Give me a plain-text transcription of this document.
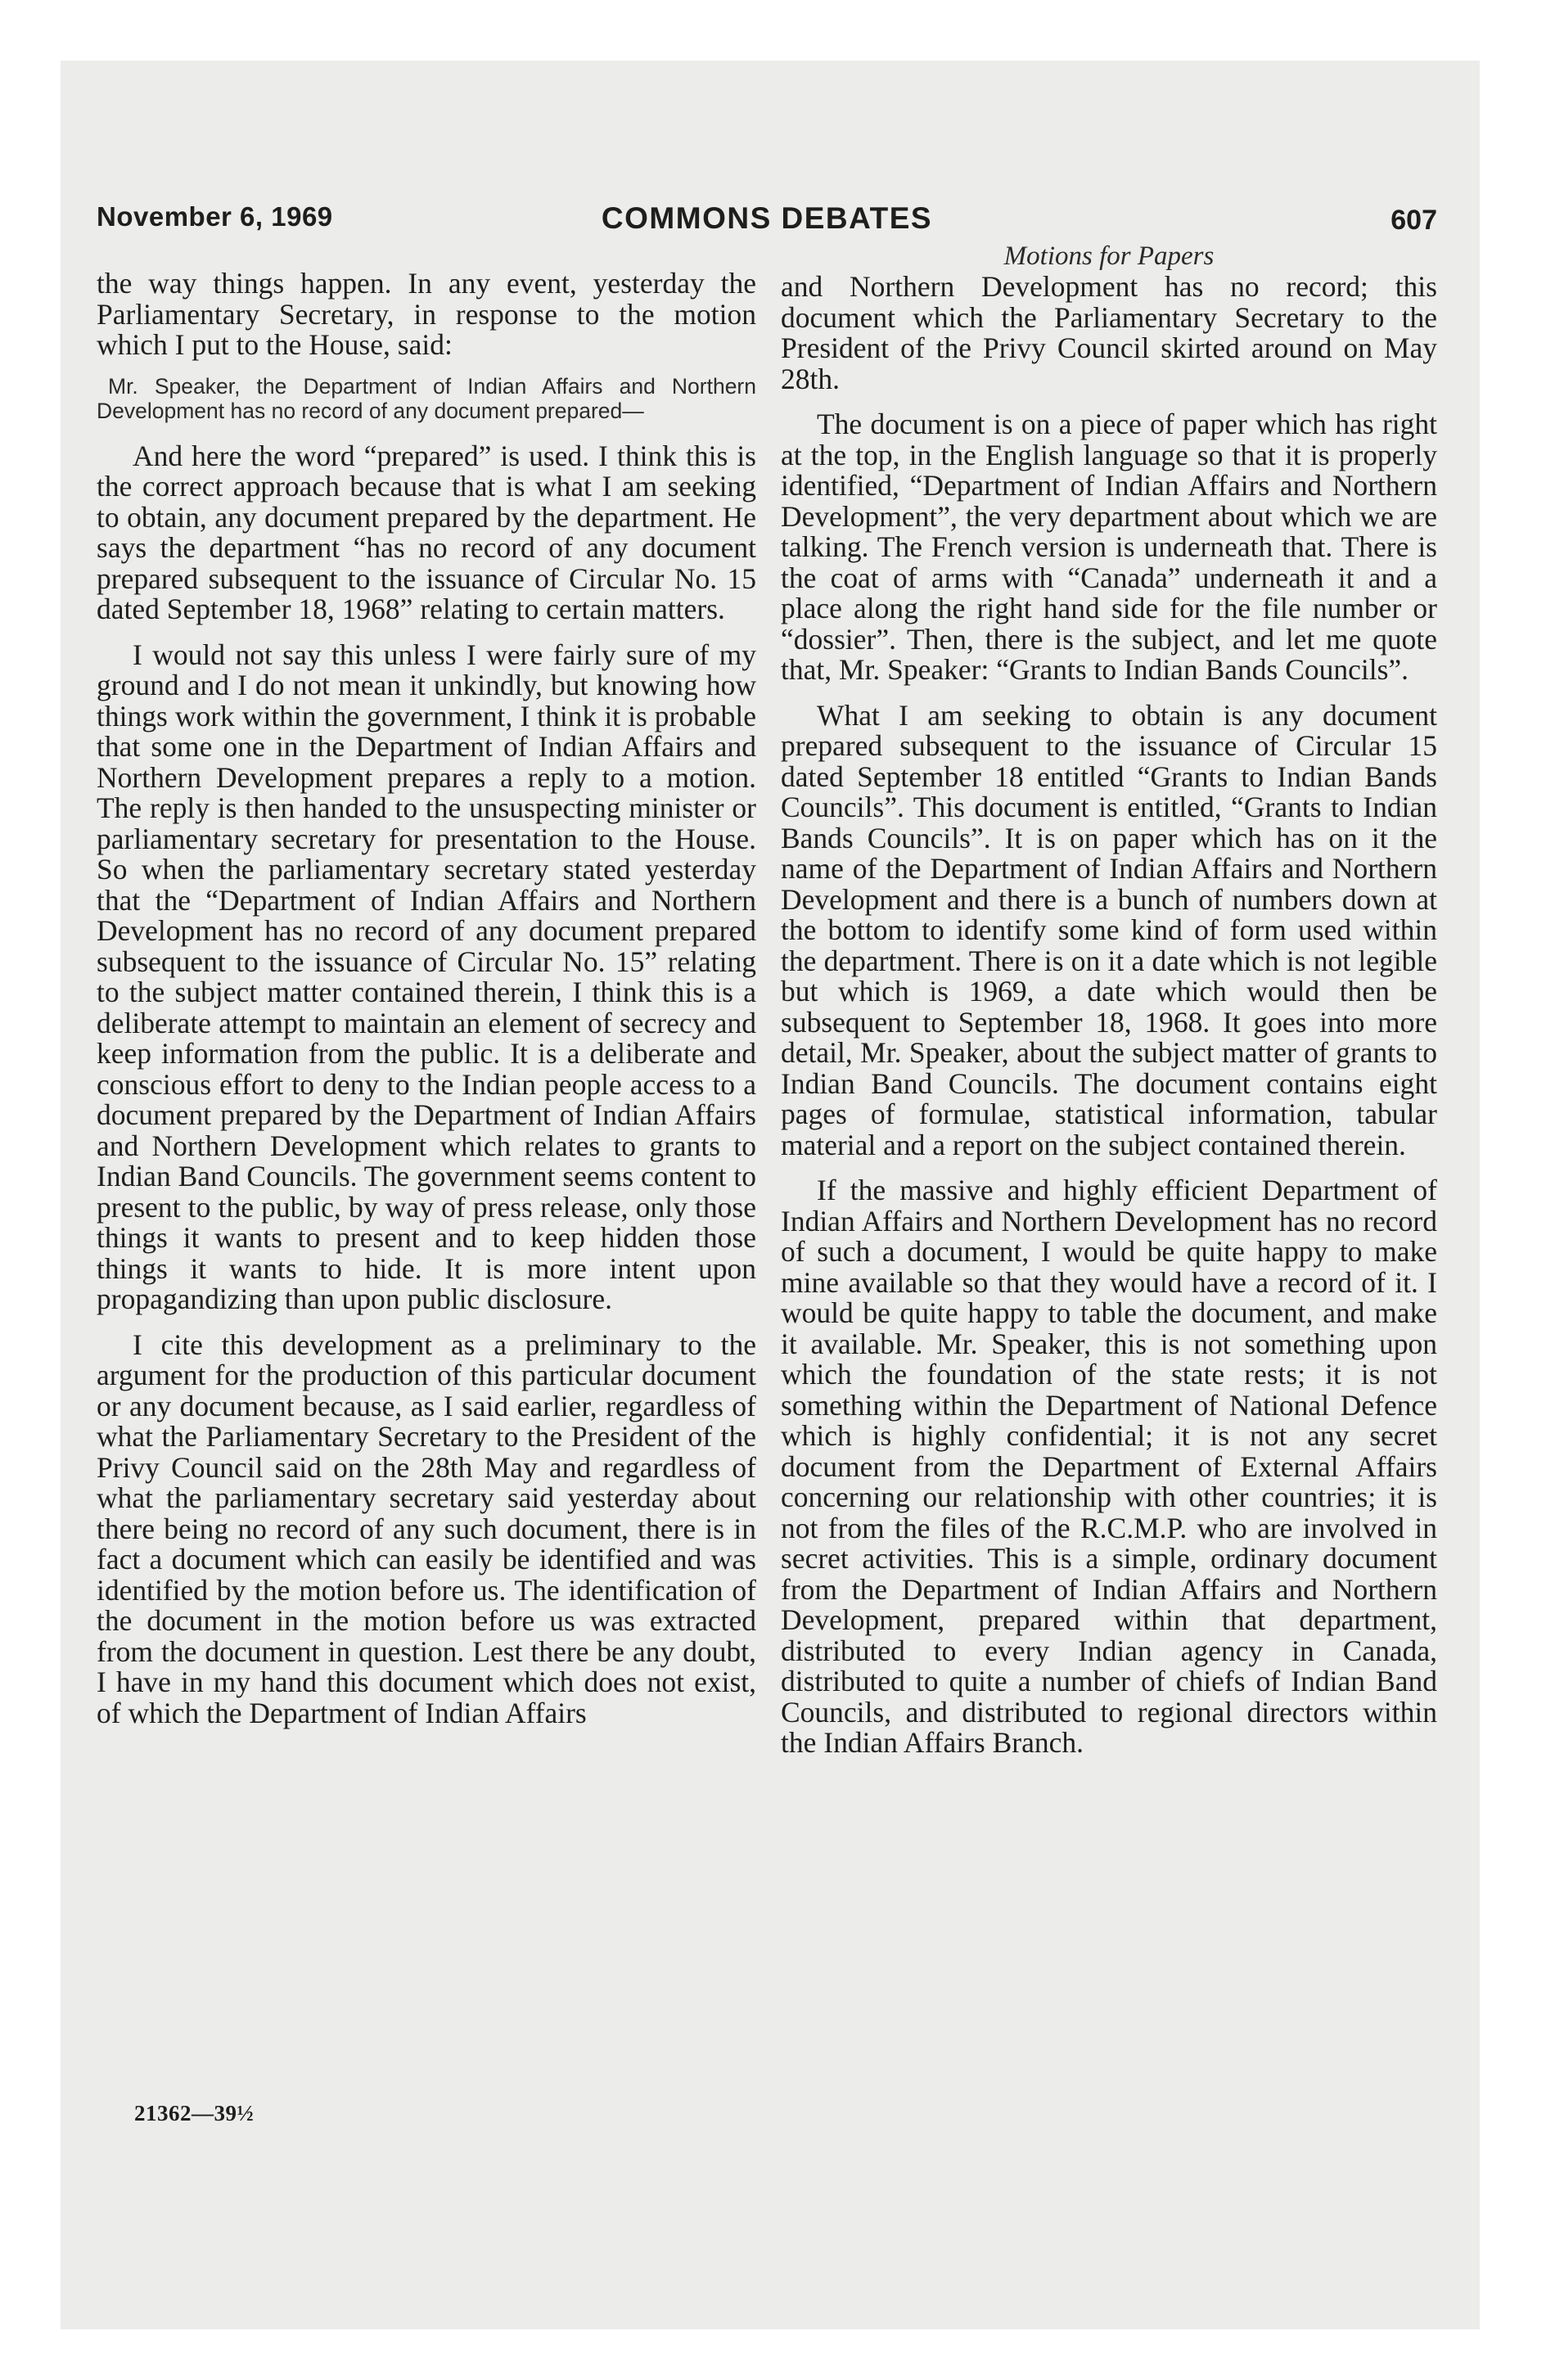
November 6, 1969	COMMONS DEBATES	607

the way things happen. In any event, yesterday the Parliamentary Secretary, in response to the motion which I put to the House, said:

Mr. Speaker, the Department of Indian Affairs and Northern Development has no record of any document prepared—

And here the word “prepared” is used. I think this is the correct approach because that is what I am seeking to obtain, any document prepared by the department. He says the department “has no record of any document prepared subsequent to the issuance of Circular No. 15 dated September 18, 1968” relating to certain matters.

I would not say this unless I were fairly sure of my ground and I do not mean it unkindly, but knowing how things work within the government, I think it is probable that some one in the Department of Indian Affairs and Northern Development prepares a reply to a motion. The reply is then handed to the unsuspecting minister or parliamentary secretary for presentation to the House. So when the parliamentary secretary stated yesterday that the “Department of Indian Affairs and Northern Development has no record of any document prepared subsequent to the issuance of Circular No. 15” relating to the subject matter contained therein, I think this is a deliberate attempt to maintain an element of secrecy and keep information from the public. It is a deliberate and conscious effort to deny to the Indian people access to a document prepared by the Department of Indian Affairs and Northern Development which relates to grants to Indian Band Councils. The government seems content to present to the public, by way of press release, only those things it wants to present and to keep hidden those things it wants to hide. It is more intent upon propagandizing than upon public disclosure.

I cite this development as a preliminary to the argument for the production of this particular document or any document because, as I said earlier, regardless of what the Parliamentary Secretary to the President of the Privy Council said on the 28th May and regardless of what the parliamentary secretary said yesterday about there being no record of any such document, there is in fact a document which can easily be identified and was identified by the motion before us. The identification of the document in the motion before us was extracted from the document in question. Lest there be any doubt, I have in my hand this document which does not exist, of which the Department of Indian Affairs

Motions for Papers

and Northern Development has no record; this document which the Parliamentary Secretary to the President of the Privy Council skirted around on May 28th.

The document is on a piece of paper which has right at the top, in the English language so that it is properly identified, “Department of Indian Affairs and Northern Development”, the very department about which we are talking. The French version is underneath that. There is the coat of arms with “Canada” underneath it and a place along the right hand side for the file number or “dossier”. Then, there is the subject, and let me quote that, Mr. Speaker: “Grants to Indian Bands Councils”.

What I am seeking to obtain is any document prepared subsequent to the issuance of Circular 15 dated September 18 entitled “Grants to Indian Bands Councils”. This document is entitled, “Grants to Indian Bands Councils”. It is on paper which has on it the name of the Department of Indian Affairs and Northern Development and there is a bunch of numbers down at the bottom to identify some kind of form used within the department. There is on it a date which is not legible but which is 1969, a date which would then be subsequent to September 18, 1968. It goes into more detail, Mr. Speaker, about the subject matter of grants to Indian Band Councils. The document contains eight pages of formulae, statistical information, tabular material and a report on the subject contained therein.

If the massive and highly efficient Department of Indian Affairs and Northern Development has no record of such a document, I would be quite happy to make mine available so that they would have a record of it. I would be quite happy to table the document, and make it available. Mr. Speaker, this is not something upon which the foundation of the state rests; it is not something within the Department of National Defence which is highly confidential; it is not any secret document from the Department of External Affairs concerning our relationship with other countries; it is not from the files of the R.C.M.P. who are involved in secret activities. This is a simple, ordinary document from the Department of Indian Affairs and Northern Development, prepared within that department, distributed to every Indian agency in Canada, distributed to quite a number of chiefs of Indian Band Councils, and distributed to regional directors within the Indian Affairs Branch.

21362—39½
